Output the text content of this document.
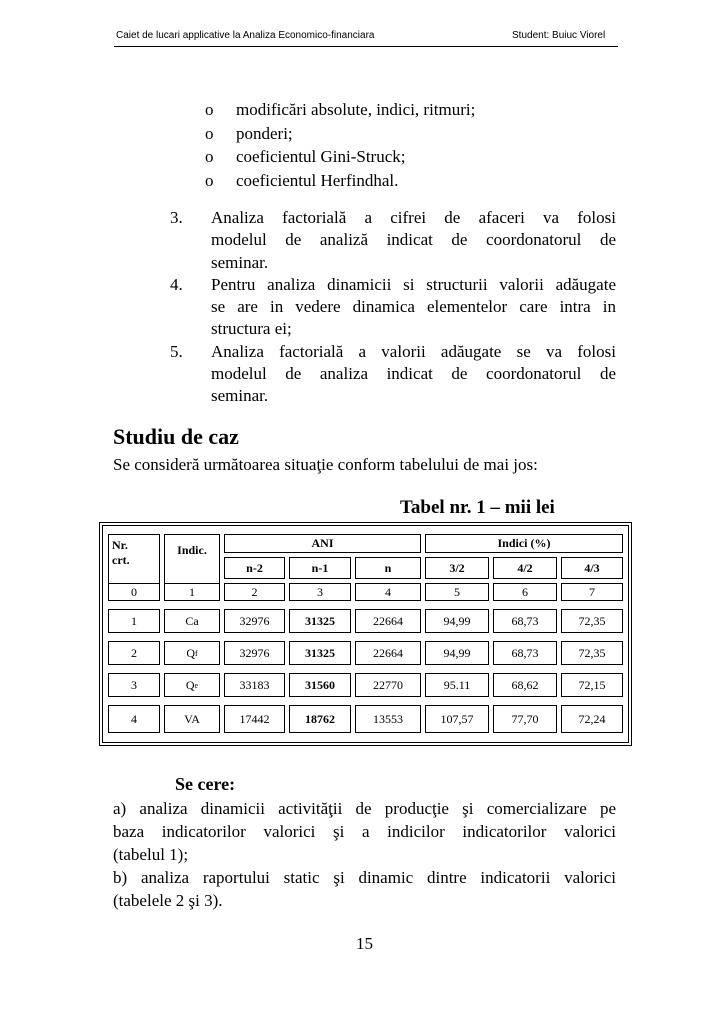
Caiet de lucari applicative la Analiza Economico-financiara	Student: Buiuc Viorel
o	modificări absolute, indici, ritmuri;
o	ponderi;
o	coeficientul Gini-Struck;
o	coeficientul Herfindhal.
3.	Analiza factorială a cifrei de afaceri va folosi
modelul de analiză indicat de coordonatorul de
seminar.
4.	Pentru analiza dinamicii si structurii valorii adăugate
se are in vedere dinamica elementelor care intra in
structura ei;
5.	Analiza factorială a valorii adăugate se va folosi
modelul de analiza indicat de coordonatorul de
seminar.
Studiu de caz
Se consideră următoarea situaţie conform tabelului de mai jos:
Tabel nr. 1 – mii lei
Nr.
crt.
Indic.	ANI	Indici (%)
n-2	n-1	n	3/2	4/2	4/3
0	1	2	3	4	5	6	7
1	Ca	32976	31325	22664	94,99	68,73	72,35
2	Q f	32976	31325	22664	94,99	68,73	72,35
3	Q e	33183	31560	22770	95.11	68,62	72,15
4	VA	17442	18762	13553	107,57	77,70	72,24
Se cere:
a) analiza dinamicii activităţii de producţie şi comercializare pe
baza indicatorilor valorici şi a indicilor indicatorilor valorici
(tabelul 1);
b) analiza raportului static şi dinamic dintre indicatorii valorici
(tabelele 2 şi 3).
15
